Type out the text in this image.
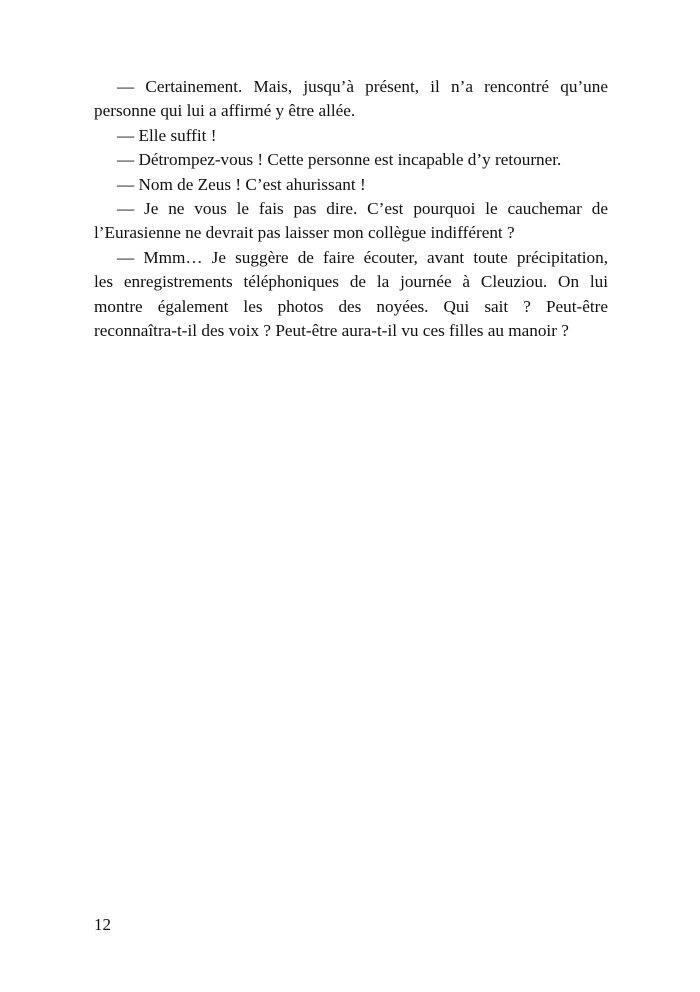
— Certainement. Mais, jusqu’à présent, il n’a rencontré qu’une
personne qui lui a affirmé y être allée.
— Elle suffit !
— Détrompez-vous ! Cette personne est incapable d’y retourner.
— Nom de Zeus ! C’est ahurissant !
— Je ne vous le fais pas dire. C’est pourquoi le cauchemar de
l’Eurasienne ne devrait pas laisser mon collègue indifférent ?
— Mmm… Je suggère de faire écouter, avant toute précipitation,
les enregistrements téléphoniques de la journée à Cleuziou. On lui
montre également les photos des noyées. Qui sait ? Peut-être
reconnaîtra-t-il des voix ? Peut-être aura-t-il vu ces filles au manoir ?
12
